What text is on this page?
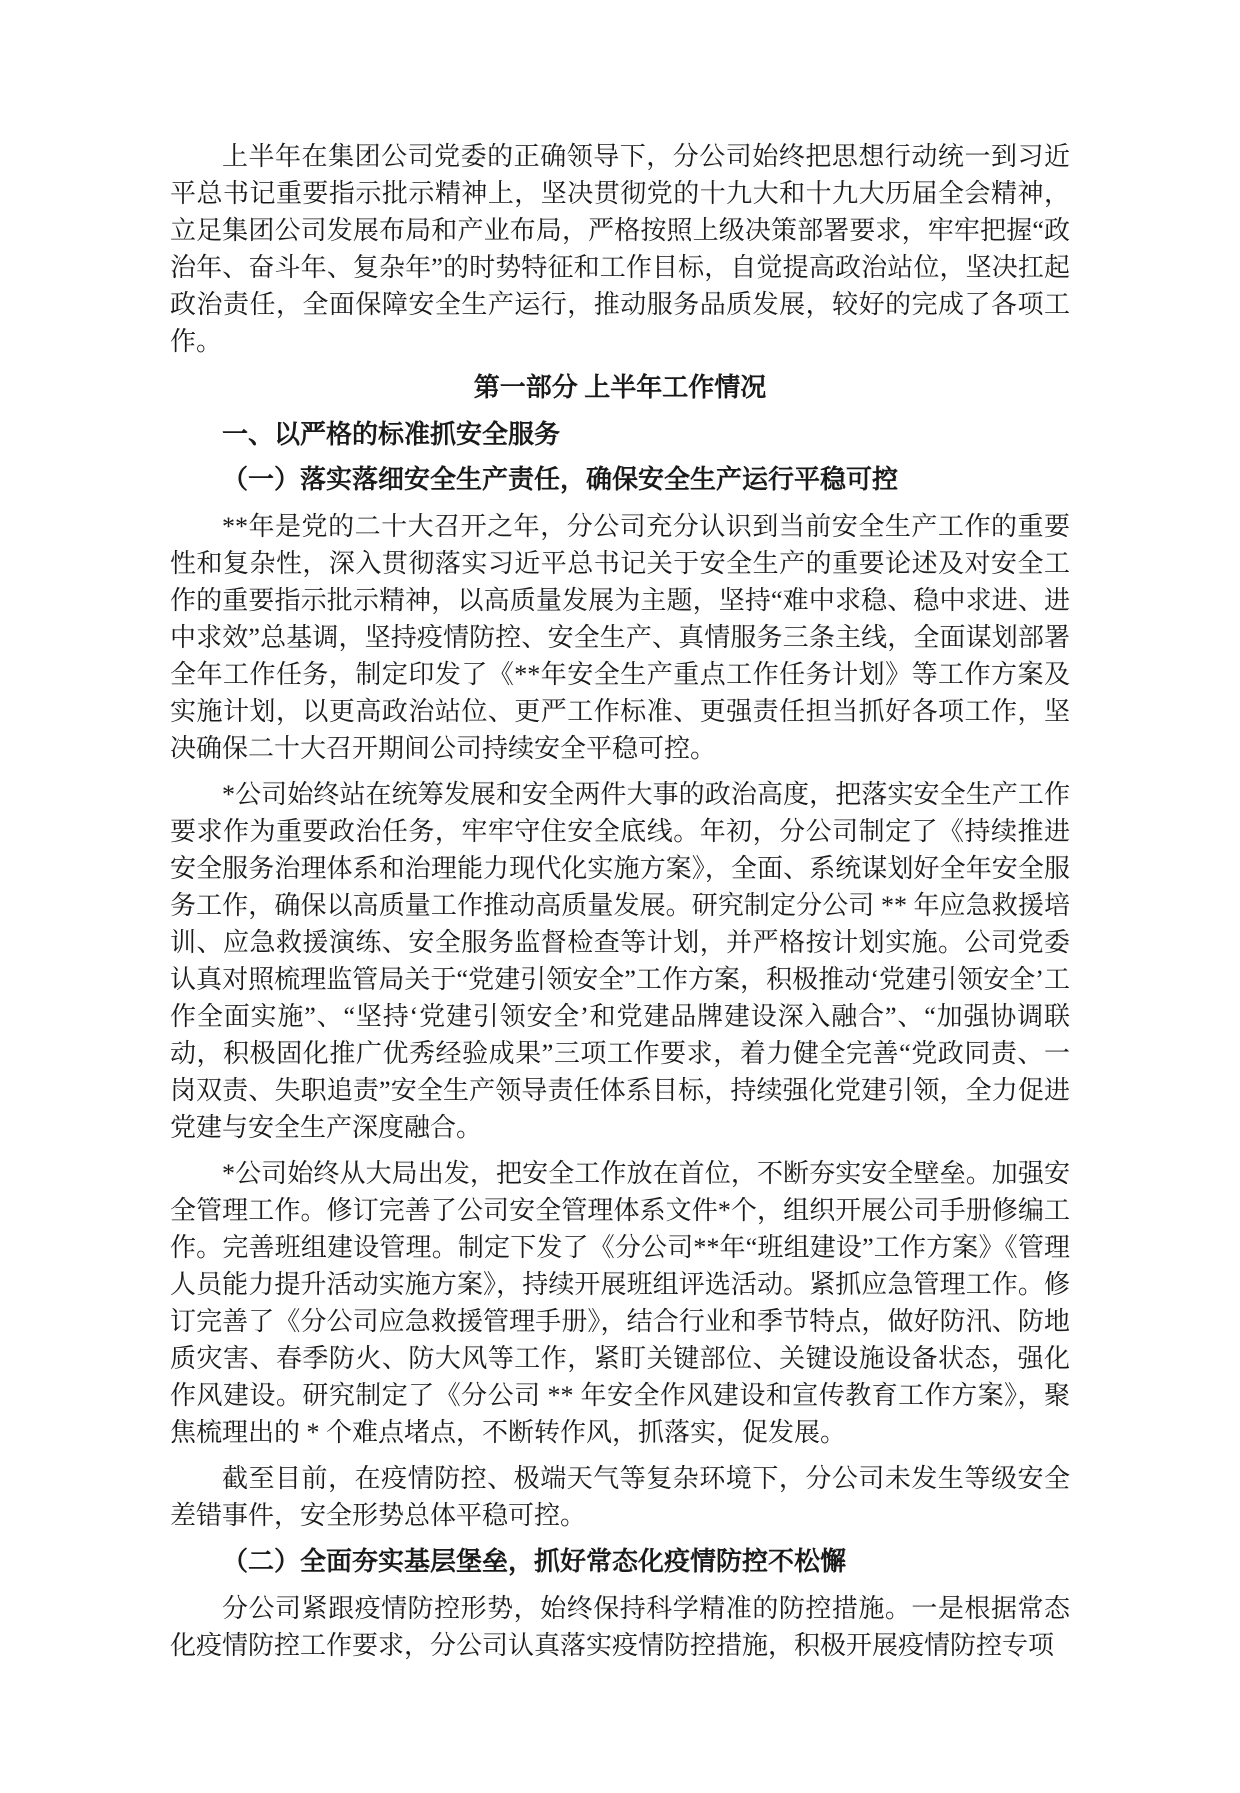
上半年在集团公司党委的正确领导下，分公司始终把思想行动统一到习近平总书记重要指示批示精神上，坚决贯彻党的十九大和十九大历届全会精神，立足集团公司发展布局和产业布局，严格按照上级决策部署要求，牢牢把握“政治年、奋斗年、复杂年”的时势特征和工作目标，自觉提高政治站位，坚决扛起政治责任，全面保障安全生产运行，推动服务品质发展，较好的完成了各项工作。

第一部分 上半年工作情况

一、以严格的标准抓安全服务

（一）落实落细安全生产责任，确保安全生产运行平稳可控

**年是党的二十大召开之年，分公司充分认识到当前安全生产工作的重要性和复杂性，深入贯彻落实习近平总书记关于安全生产的重要论述及对安全工作的重要指示批示精神，以高质量发展为主题，坚持“难中求稳、稳中求进、进中求效”总基调，坚持疫情防控、安全生产、真情服务三条主线，全面谋划部署全年工作任务，制定印发了《**年安全生产重点工作任务计划》等工作方案及实施计划，以更高政治站位、更严工作标准、更强责任担当抓好各项工作，坚决确保二十大召开期间公司持续安全平稳可控。

*公司始终站在统筹发展和安全两件大事的政治高度，把落实安全生产工作要求作为重要政治任务，牢牢守住安全底线。年初，分公司制定了《持续推进安全服务治理体系和治理能力现代化实施方案》，全面、系统谋划好全年安全服务工作，确保以高质量工作推动高质量发展。研究制定分公司 ** 年应急救援培训、应急救援演练、安全服务监督检查等计划，并严格按计划实施。公司党委认真对照梳理监管局关于“党建引领安全”工作方案，积极推动‘党建引领安全’工作全面实施”、“坚持‘党建引领安全’和党建品牌建设深入融合”、“加强协调联动，积极固化推广优秀经验成果”三项工作要求，着力健全完善“党政同责、一岗双责、失职追责”安全生产领导责任体系目标，持续强化党建引领，全力促进党建与安全生产深度融合。

*公司始终从大局出发，把安全工作放在首位，不断夯实安全壁垒。加强安全管理工作。修订完善了公司安全管理体系文件*个，组织开展公司手册修编工作。完善班组建设管理。制定下发了《分公司**年“班组建设”工作方案》《管理人员能力提升活动实施方案》，持续开展班组评选活动。紧抓应急管理工作。修订完善了《分公司应急救援管理手册》，结合行业和季节特点，做好防汛、防地质灾害、春季防火、防大风等工作，紧盯关键部位、关键设施设备状态，强化作风建设。研究制定了《分公司 ** 年安全作风建设和宣传教育工作方案》，聚焦梳理出的 * 个难点堵点，不断转作风，抓落实，促发展。

截至目前，在疫情防控、极端天气等复杂环境下，分公司未发生等级安全差错事件，安全形势总体平稳可控。

（二）全面夯实基层堡垒，抓好常态化疫情防控不松懈

分公司紧跟疫情防控形势，始终保持科学精准的防控措施。一是根据常态化疫情防控工作要求，分公司认真落实疫情防控措施，积极开展疫情防控专项
